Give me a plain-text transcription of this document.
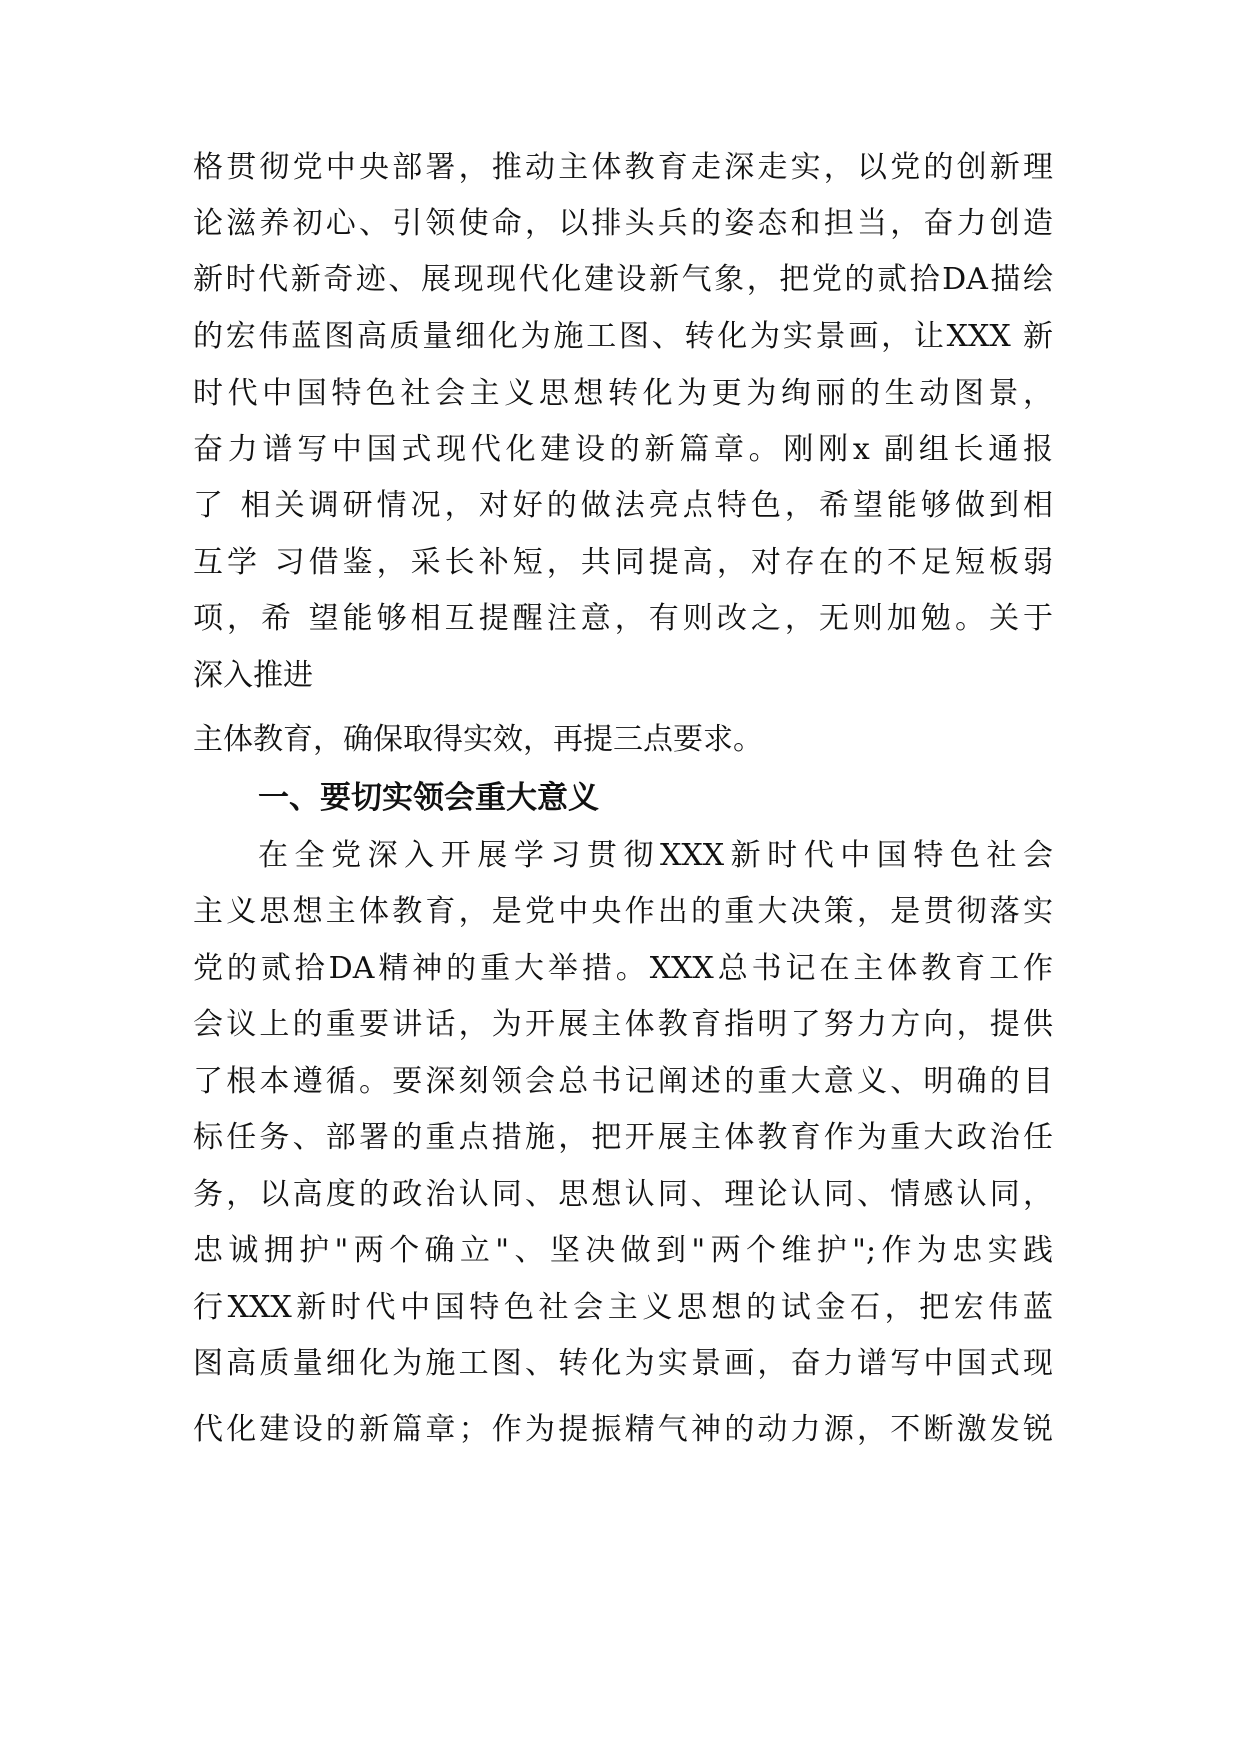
格贯彻党中央部署，推动主体教育走深走实，以党的创新理
论滋养初心、引领使命，以排头兵的姿态和担当，奋力创造
新时代新奇迹、展现现代化建设新气象，把党的贰拾DA描绘
的宏伟蓝图高质量细化为施工图、转化为实景画，让XXX 新
时代中国特色社会主义思想转化为更为绚丽的生动图景，
奋力谱写中国式现代化建设的新篇章。刚刚x 副组长通报
了 相关调研情况，对好的做法亮点特色，希望能够做到相
互学 习借鉴，采长补短，共同提高，对存在的不足短板弱
项，希 望能够相互提醒注意，有则改之，无则加勉。关于
深入推进
主体教育，确保取得实效，再提三点要求。
一、要切实领会重大意义
在全党深入开展学习贯彻XXX新时代中国特色社会
主义思想主体教育，是党中央作出的重大决策，是贯彻落实
党的贰拾DA精神的重大举措。XXX总书记在主体教育工作
会议上的重要讲话，为开展主体教育指明了努力方向，提供
了根本遵循。要深刻领会总书记阐述的重大意义、明确的目
标任务、部署的重点措施，把开展主体教育作为重大政治任
务，以高度的政治认同、思想认同、理论认同、情感认同，
忠诚拥护"两个确立"、坚决做到"两个维护";作为忠实践
行XXX新时代中国特色社会主义思想的试金石，把宏伟蓝
图高质量细化为施工图、转化为实景画，奋力谱写中国式现
代化建设的新篇章；作为提振精气神的动力源，不断激发锐
